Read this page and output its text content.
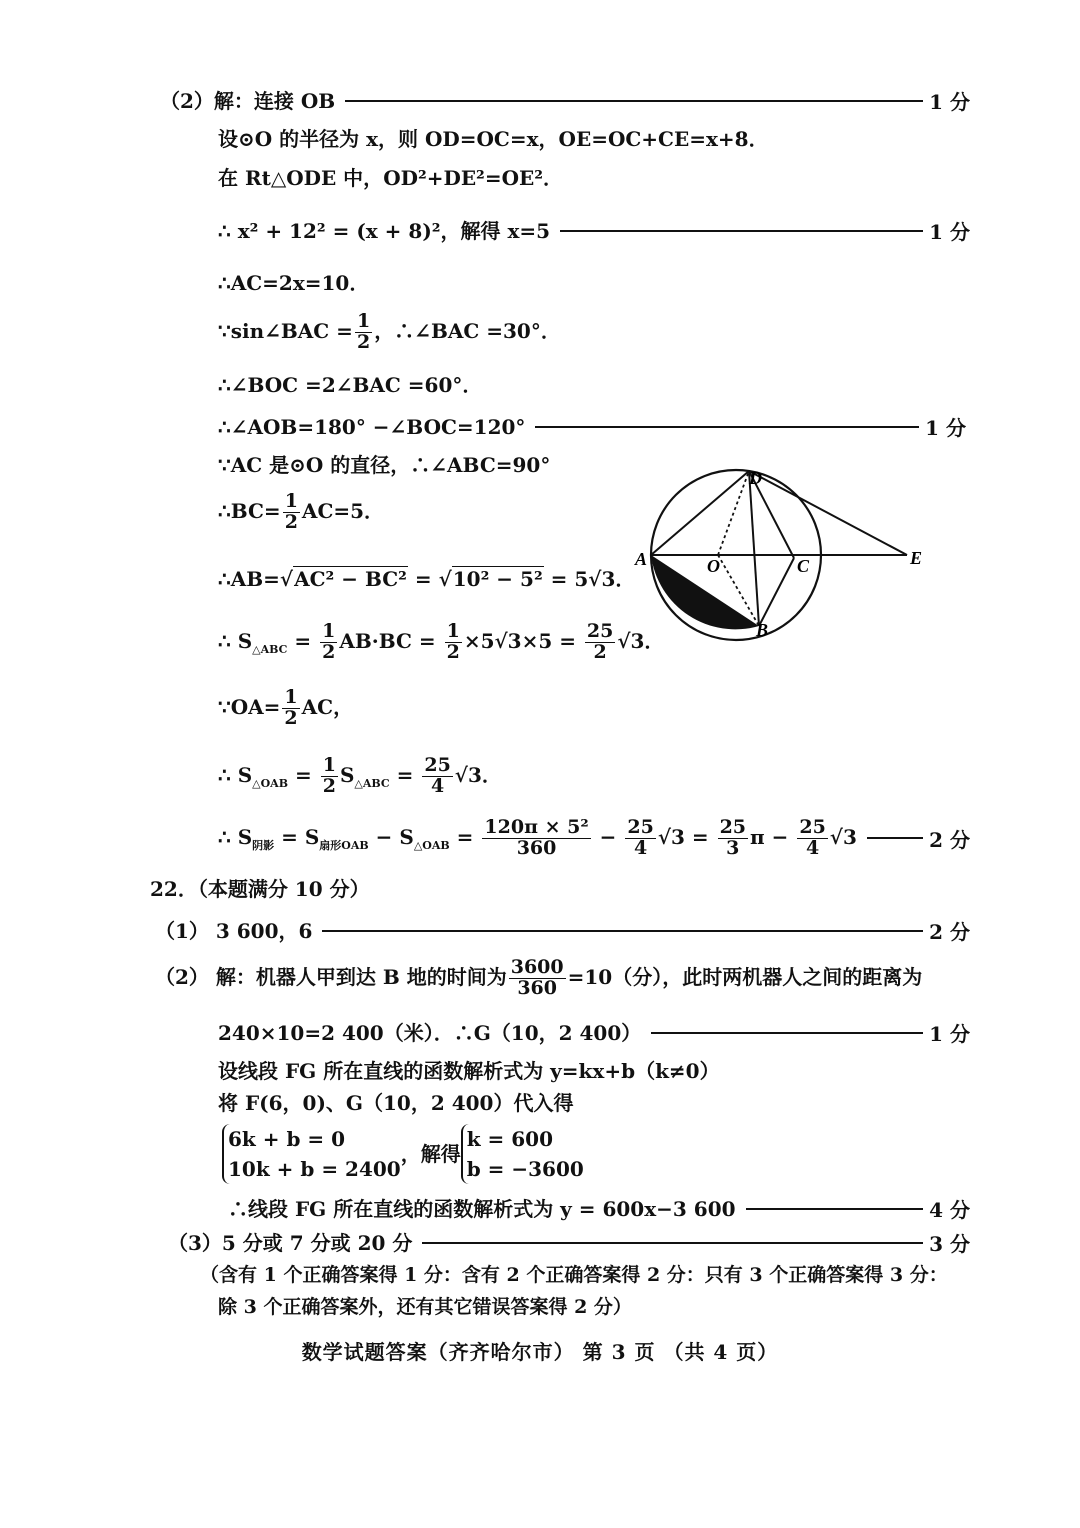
（2）解：连接 OB	1 分
设⊙O 的半径为 x，则 OD=OC=x，OE=OC+CE=x+8．
在 Rt△ODE 中，OD²+DE²=OE²．
∴ x² + 12² = (x + 8)²，解得 x=5	1 分
∴AC=2x=10．
∵sin∠BAC = $\frac{1}{2}$ ，∴∠BAC =30°．
∴∠BOC =2∠BAC =60°．
∴∠AOB=180° −∠BOC=120°	1 分
∵AC 是⊙O 的直径，∴∠ABC=90°
∴BC= $\frac{1}{2} AC=5$．
∴AB=√AC² − BC² = √10² − 5² = 5√3．
∴ $S_{\triangle ABC} = \frac{1}{2} AB\cdot BC = \frac{1}{2} \times 5√3\times 5 = \frac{25}{2} √3$．
∵OA= $\frac{1}{2}$ AC，
∴ $S_{\triangle OAB} = \frac{1}{2} S_{\triangle ABC} = \frac{25}{4} √3$．
∴ $S_{阴影} = S_{扇形OAB} - S_{\triangle OAB} = \frac{\text{120π × 5²}}{360} - \frac{25}{4} √3 = \frac{25}{3}$ $\pi - \frac{25}{4} √3$	2 分
A	O	C
D
B
E
22．（本题满分 10 分）
（1） 3 600，6	2 分
（2） 解：机器人甲到达 B 地的时间为 $\frac{3600}{360} =10$（分），此时两机器人之间的距离为
240×10=2 400（米）．∴G（10，2 400）	1 分
设线段 FG 所在直线的函数解析式为 y=kx+b（k≠0）
将 F(6，0)、G（10，2 400）代入得
6k + b = 0
10k + b = 2400
，解得
k = 600
b = −3600
∴线段 FG 所在直线的函数解析式为 y = 600x−3 600	4 分
（3）5 分或 7 分或 20 分	3 分
（含有 1 个正确答案得 1 分：含有 2 个正确答案得 2 分：只有 3 个正确答案得 3 分：
除 3 个正确答案外，还有其它错误答案得 2 分）
数学试题答案（齐齐哈尔市） 第 3 页 （共 4 页）
